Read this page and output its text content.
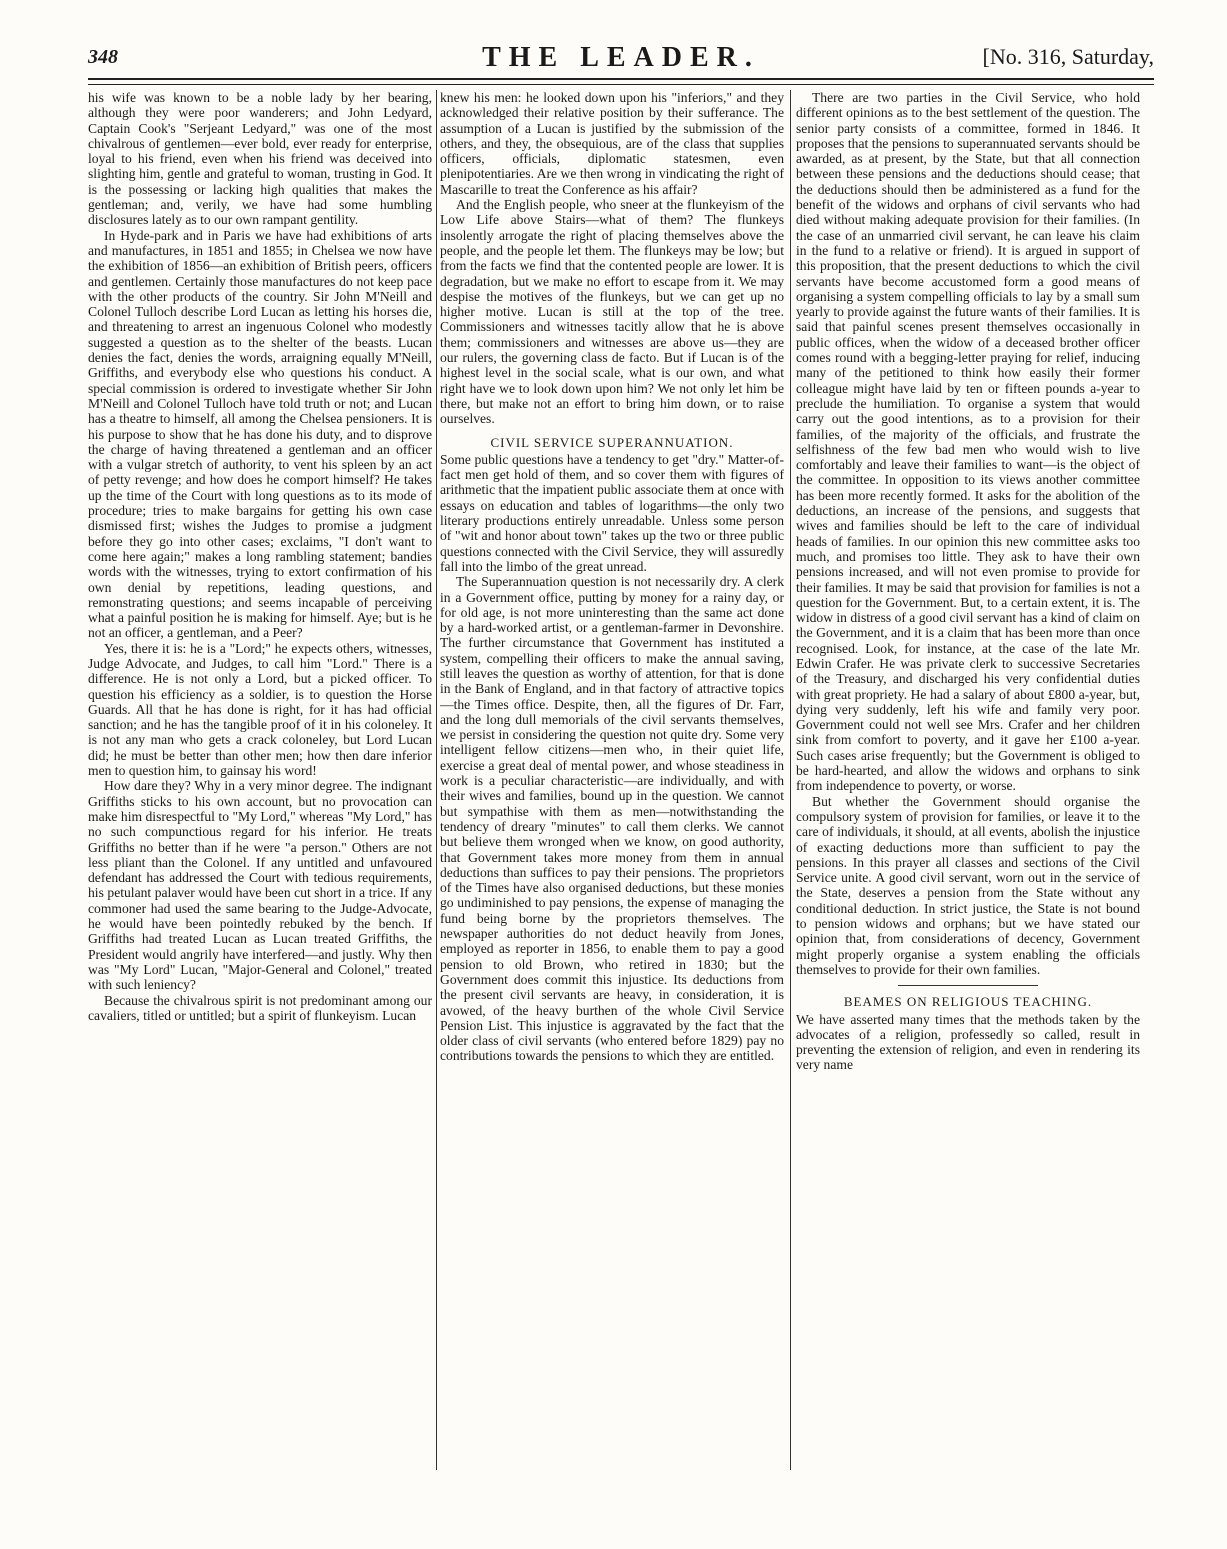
348	THE LEADER.	[No. 316, Saturday,

his wife was known to be a noble lady by her bearing, although they were poor wanderers; and John Ledyard, Captain Cook's "Serjeant Ledyard," was one of the most chivalrous of gentlemen—ever bold, ever ready for enterprise, loyal to his friend, even when his friend was deceived into slighting him, gentle and grateful to woman, trusting in God. It is the possessing or lacking high qualities that makes the gentleman; and, verily, we have had some humbling disclosures lately as to our own rampant gentility.

In Hyde-park and in Paris we have had exhibitions of arts and manufactures, in 1851 and 1855; in Chelsea we now have the exhibition of 1856—an exhibition of British peers, officers and gentlemen. Certainly those manufactures do not keep pace with the other products of the country. Sir John M'Neill and Colonel Tulloch describe Lord Lucan as letting his horses die, and threatening to arrest an ingenuous Colonel who modestly suggested a question as to the shelter of the beasts. Lucan denies the fact, denies the words, arraigning equally M'Neill, Griffiths, and everybody else who questions his conduct. A special commission is ordered to investigate whether Sir John M'Neill and Colonel Tulloch have told truth or not; and Lucan has a theatre to himself, all among the Chelsea pensioners. It is his purpose to show that he has done his duty, and to disprove the charge of having threatened a gentleman and an officer with a vulgar stretch of authority, to vent his spleen by an act of petty revenge; and how does he comport himself? He takes up the time of the Court with long questions as to its mode of procedure; tries to make bargains for getting his own case dismissed first; wishes the Judges to promise a judgment before they go into other cases; exclaims, "I don't want to come here again;" makes a long rambling statement; bandies words with the witnesses, trying to extort confirmation of his own denial by repetitions, leading questions, and remonstrating questions; and seems incapable of perceiving what a painful position he is making for himself. Aye; but is he not an officer, a gentleman, and a Peer?

Yes, there it is: he is a "Lord;" he expects others, witnesses, Judge Advocate, and Judges, to call him "Lord." There is a difference. He is not only a Lord, but a picked officer. To question his efficiency as a soldier, is to question the Horse Guards. All that he has done is right, for it has had official sanction; and he has the tangible proof of it in his coloneley. It is not any man who gets a crack coloneley, but Lord Lucan did; he must be better than other men; how then dare inferior men to question him, to gainsay his word!

How dare they? Why in a very minor degree. The indignant Griffiths sticks to his own account, but no provocation can make him disrespectful to "My Lord," whereas "My Lord," has no such compunctious regard for his inferior. He treats Griffiths no better than if he were "a person." Others are not less pliant than the Colonel. If any untitled and unfavoured defendant has addressed the Court with tedious requirements, his petulant palaver would have been cut short in a trice. If any commoner had used the same bearing to the Judge-Advocate, he would have been pointedly rebuked by the bench. If Griffiths had treated Lucan as Lucan treated Griffiths, the President would angrily have interfered—and justly. Why then was "My Lord" Lucan, "Major-General and Colonel," treated with such leniency?

Because the chivalrous spirit is not predominant among our cavaliers, titled or untitled; but a spirit of flunkeyism. Lucan

knew his men: he looked down upon his "inferiors," and they acknowledged their relative position by their sufferance. The assumption of a Lucan is justified by the submission of the others, and they, the obsequious, are of the class that supplies officers, officials, diplomatic statesmen, even plenipotentiaries. Are we then wrong in vindicating the right of Mascarille to treat the Conference as his affair?

And the English people, who sneer at the flunkeyism of the Low Life above Stairs—what of them? The flunkeys insolently arrogate the right of placing themselves above the people, and the people let them. The flunkeys may be low; but from the facts we find that the contented people are lower. It is degradation, but we make no effort to escape from it. We may despise the motives of the flunkeys, but we can get up no higher motive. Lucan is still at the top of the tree. Commissioners and witnesses tacitly allow that he is above them; commissioners and witnesses are above us—they are our rulers, the governing class de facto. But if Lucan is of the highest level in the social scale, what is our own, and what right have we to look down upon him? We not only let him be there, but make not an effort to bring him down, or to raise ourselves.

CIVIL SERVICE SUPERANNUATION.

Some public questions have a tendency to get "dry." Matter-of-fact men get hold of them, and so cover them with figures of arithmetic that the impatient public associate them at once with essays on education and tables of logarithms—the only two literary productions entirely unreadable. Unless some person of "wit and honor about town" takes up the two or three public questions connected with the Civil Service, they will assuredly fall into the limbo of the great unread.

The Superannuation question is not necessarily dry. A clerk in a Government office, putting by money for a rainy day, or for old age, is not more uninteresting than the same act done by a hard-worked artist, or a gentleman-farmer in Devonshire. The further circumstance that Government has instituted a system, compelling their officers to make the annual saving, still leaves the question as worthy of attention, for that is done in the Bank of England, and in that factory of attractive topics—the Times office. Despite, then, all the figures of Dr. Farr, and the long dull memorials of the civil servants themselves, we persist in considering the question not quite dry. Some very intelligent fellow citizens—men who, in their quiet life, exercise a great deal of mental power, and whose steadiness in work is a peculiar characteristic—are individually, and with their wives and families, bound up in the question. We cannot but sympathise with them as men—notwithstanding the tendency of dreary "minutes" to call them clerks. We cannot but believe them wronged when we know, on good authority, that Government takes more money from them in annual deductions than suffices to pay their pensions. The proprietors of the Times have also organised deductions, but these monies go undiminished to pay pensions, the expense of managing the fund being borne by the proprietors themselves. The newspaper authorities do not deduct heavily from Jones, employed as reporter in 1856, to enable them to pay a good pension to old Brown, who retired in 1830; but the Government does commit this injustice. Its deductions from the present civil servants are heavy, in consideration, it is avowed, of the heavy burthen of the whole Civil Service Pension List. This injustice is aggravated by the fact that the older class of civil servants (who entered before 1829) pay no contributions towards the pensions to which they are entitled.

There are two parties in the Civil Service, who hold different opinions as to the best settlement of the question. The senior party consists of a committee, formed in 1846. It proposes that the pensions to superannuated servants should be awarded, as at present, by the State, but that all connection between these pensions and the deductions should cease; that the deductions should then be administered as a fund for the benefit of the widows and orphans of civil servants who had died without making adequate provision for their families. (In the case of an unmarried civil servant, he can leave his claim in the fund to a relative or friend). It is argued in support of this proposition, that the present deductions to which the civil servants have become accustomed form a good means of organising a system compelling officials to lay by a small sum yearly to provide against the future wants of their families. It is said that painful scenes present themselves occasionally in public offices, when the widow of a deceased brother officer comes round with a begging-letter praying for relief, inducing many of the petitioned to think how easily their former colleague might have laid by ten or fifteen pounds a-year to preclude the humiliation. To organise a system that would carry out the good intentions, as to a provision for their families, of the majority of the officials, and frustrate the selfishness of the few bad men who would wish to live comfortably and leave their families to want—is the object of the committee. In opposition to its views another committee has been more recently formed. It asks for the abolition of the deductions, an increase of the pensions, and suggests that wives and families should be left to the care of individual heads of families. In our opinion this new committee asks too much, and promises too little. They ask to have their own pensions increased, and will not even promise to provide for their families. It may be said that provision for families is not a question for the Government. But, to a certain extent, it is. The widow in distress of a good civil servant has a kind of claim on the Government, and it is a claim that has been more than once recognised. Look, for instance, at the case of the late Mr. Edwin Crafer. He was private clerk to successive Secretaries of the Treasury, and discharged his very confidential duties with great propriety. He had a salary of about £800 a-year, but, dying very suddenly, left his wife and family very poor. Government could not well see Mrs. Crafer and her children sink from comfort to poverty, and it gave her £100 a-year. Such cases arise frequently; but the Government is obliged to be hard-hearted, and allow the widows and orphans to sink from independence to poverty, or worse.

But whether the Government should organise the compulsory system of provision for families, or leave it to the care of individuals, it should, at all events, abolish the injustice of exacting deductions more than sufficient to pay the pensions. In this prayer all classes and sections of the Civil Service unite. A good civil servant, worn out in the service of the State, deserves a pension from the State without any conditional deduction. In strict justice, the State is not bound to pension widows and orphans; but we have stated our opinion that, from considerations of decency, Government might properly organise a system enabling the officials themselves to provide for their own families.

BEAMES ON RELIGIOUS TEACHING.

We have asserted many times that the methods taken by the advocates of a religion, professedly so called, result in preventing the extension of religion, and even in rendering its very name
